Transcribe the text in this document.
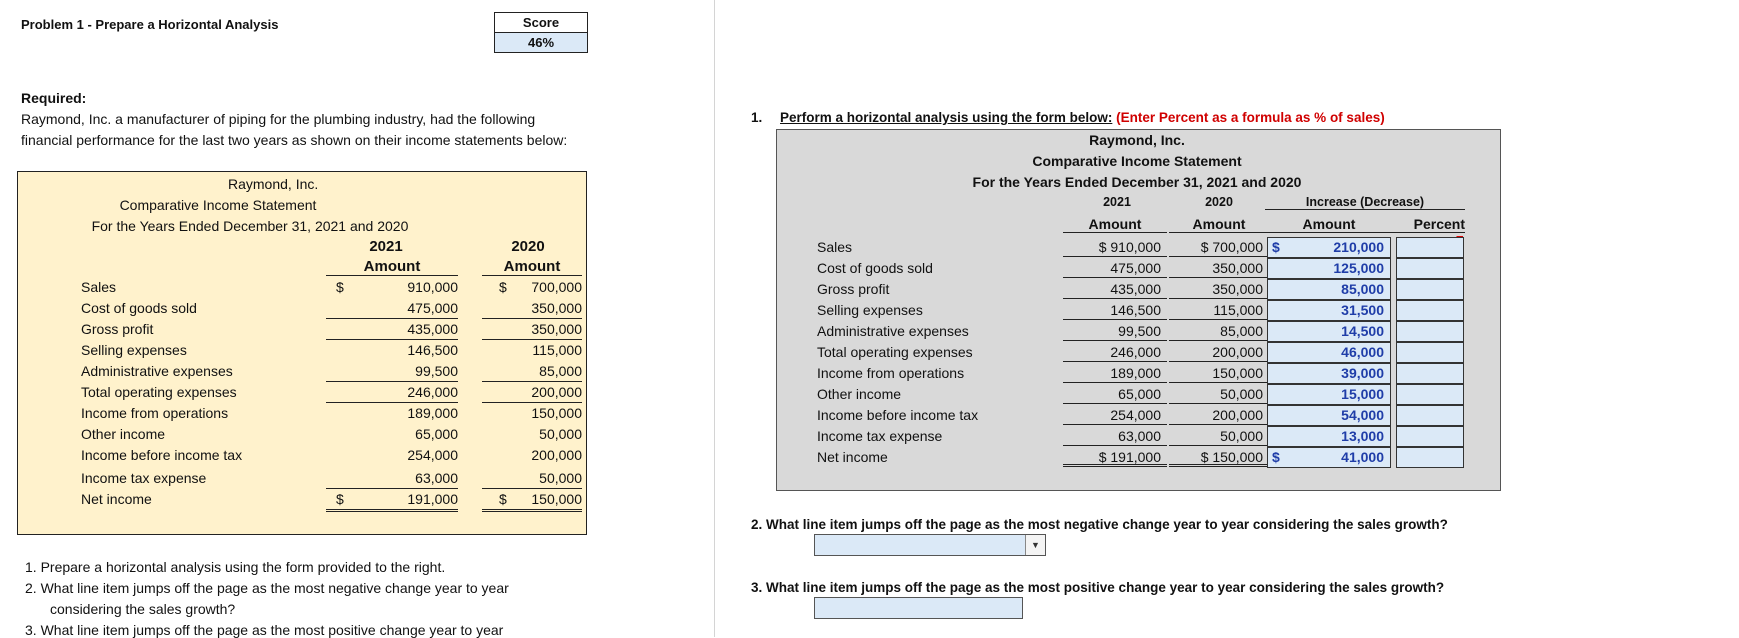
Problem 1 - Prepare a Horizontal Analysis	Score
46%
Required:
Raymond, Inc. a manufacturer of piping for the plumbing industry, had the following
financial performance for the last two years as shown on their income statements below:
Raymond, Inc.
Comparative Income Statement
For the Years Ended December 31, 2021 and 2020
2021	2020
Amount	Amount
Sales	910,000	700,000
$	$
Cost of goods sold	475,000	350,000
Gross profit	435,000	350,000
Selling expenses	146,500	115,000
Administrative expenses	99,500	85,000
Total operating expenses	246,000	200,000
Income from operations	189,000	150,000
Other income	65,000	50,000
Income before income tax	254,000	200,000
Income tax expense	63,000	50,000
Net income	191,000	150,000
$	$
1. Prepare a horizontal analysis using the form provided to the right.
2. What line item jumps off the page as the most negative change year to year
considering the sales growth?
3. What line item jumps off the page as the most positive change year to year
1. Perform a horizontal analysis using the form below: (Enter Percent as a formula as % of sales)
Raymond, Inc.
Comparative Income Statement
For the Years Ended December 31, 2021 and 2020
2021	2020	Increase (Decrease)
Amount	Amount	Amount	Percent
Sales	$ 910,000	$ 700,000 $	210,000
Cost of goods sold	475,000	350,000	125,000
Gross profit	435,000	350,000	85,000
Selling expenses	146,500	115,000	31,500
Administrative expenses	99,500	85,000	14,500
Total operating expenses	246,000	200,000	46,000
Income from operations	189,000	150,000	39,000
Other income	65,000	50,000	15,000
Income before income tax	254,000	200,000	54,000
Income tax expense	63,000	50,000	13,000
Net income	$ 191,000	$ 150,000 $	41,000
2. What line item jumps off the page as the most negative change year to year considering the sales growth?
▼
3. What line item jumps off the page as the most positive change year to year considering the sales growth?
